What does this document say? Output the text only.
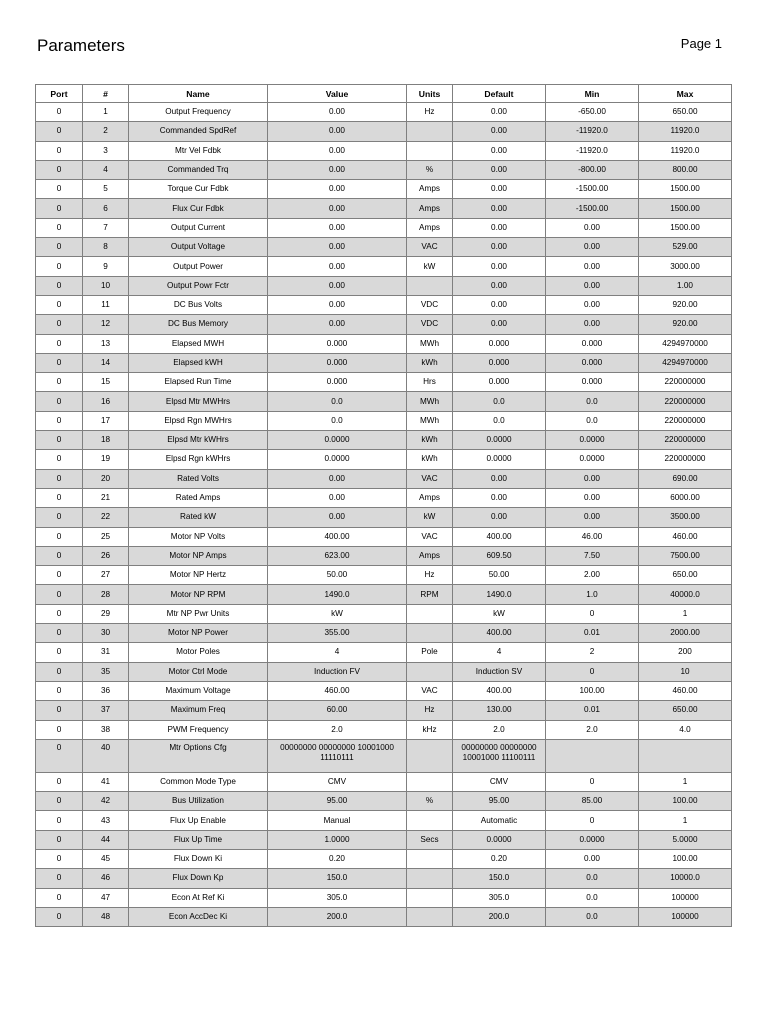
Parameters	Page 1
Port	#	Name	Value	Units	Default	Min	Max
0	1	Output Frequency	0.00	Hz	0.00	-650.00	650.00
0	2	Commanded SpdRef	0.00		0.00	-11920.0	11920.0
0	3	Mtr Vel Fdbk	0.00		0.00	-11920.0	11920.0
0	4	Commanded Trq	0.00	%	0.00	-800.00	800.00
0	5	Torque Cur Fdbk	0.00	Amps	0.00	-1500.00	1500.00
0	6	Flux Cur Fdbk	0.00	Amps	0.00	-1500.00	1500.00
0	7	Output Current	0.00	Amps	0.00	0.00	1500.00
0	8	Output Voltage	0.00	VAC	0.00	0.00	529.00
0	9	Output Power	0.00	kW	0.00	0.00	3000.00
0	10	Output Powr Fctr	0.00		0.00	0.00	1.00
0	11	DC Bus Volts	0.00	VDC	0.00	0.00	920.00
0	12	DC Bus Memory	0.00	VDC	0.00	0.00	920.00
0	13	Elapsed MWH	0.000	MWh	0.000	0.000	4294970000
0	14	Elapsed kWH	0.000	kWh	0.000	0.000	4294970000
0	15	Elapsed Run Time	0.000	Hrs	0.000	0.000	220000000
0	16	Elpsd Mtr MWHrs	0.0	MWh	0.0	0.0	220000000
0	17	Elpsd Rgn MWHrs	0.0	MWh	0.0	0.0	220000000
0	18	Elpsd Mtr kWHrs	0.0000	kWh	0.0000	0.0000	220000000
0	19	Elpsd Rgn kWHrs	0.0000	kWh	0.0000	0.0000	220000000
0	20	Rated Volts	0.00	VAC	0.00	0.00	690.00
0	21	Rated Amps	0.00	Amps	0.00	0.00	6000.00
0	22	Rated kW	0.00	kW	0.00	0.00	3500.00
0	25	Motor NP Volts	400.00	VAC	400.00	46.00	460.00
0	26	Motor NP Amps	623.00	Amps	609.50	7.50	7500.00
0	27	Motor NP Hertz	50.00	Hz	50.00	2.00	650.00
0	28	Motor NP RPM	1490.0	RPM	1490.0	1.0	40000.0
0	29	Mtr NP Pwr Units	kW		kW	0	1
0	30	Motor NP Power	355.00		400.00	0.01	2000.00
0	31	Motor Poles	4	Pole	4	2	200
0	35	Motor Ctrl Mode	Induction FV		Induction SV	0	10
0	36	Maximum Voltage	460.00	VAC	400.00	100.00	460.00
0	37	Maximum Freq	60.00	Hz	130.00	0.01	650.00
0	38	PWM Frequency	2.0	kHz	2.0	2.0	4.0
0	40	Mtr Options Cfg	00000000 00000000 10001000 11110111		00000000 00000000 10001000 11100111		
0	41	Common Mode Type	CMV		CMV	0	1
0	42	Bus Utilization	95.00	%	95.00	85.00	100.00
0	43	Flux Up Enable	Manual		Automatic	0	1
0	44	Flux Up Time	1.0000	Secs	0.0000	0.0000	5.0000
0	45	Flux Down Ki	0.20		0.20	0.00	100.00
0	46	Flux Down Kp	150.0		150.0	0.0	10000.0
0	47	Econ At Ref Ki	305.0		305.0	0.0	100000
0	48	Econ AccDec Ki	200.0		200.0	0.0	100000
